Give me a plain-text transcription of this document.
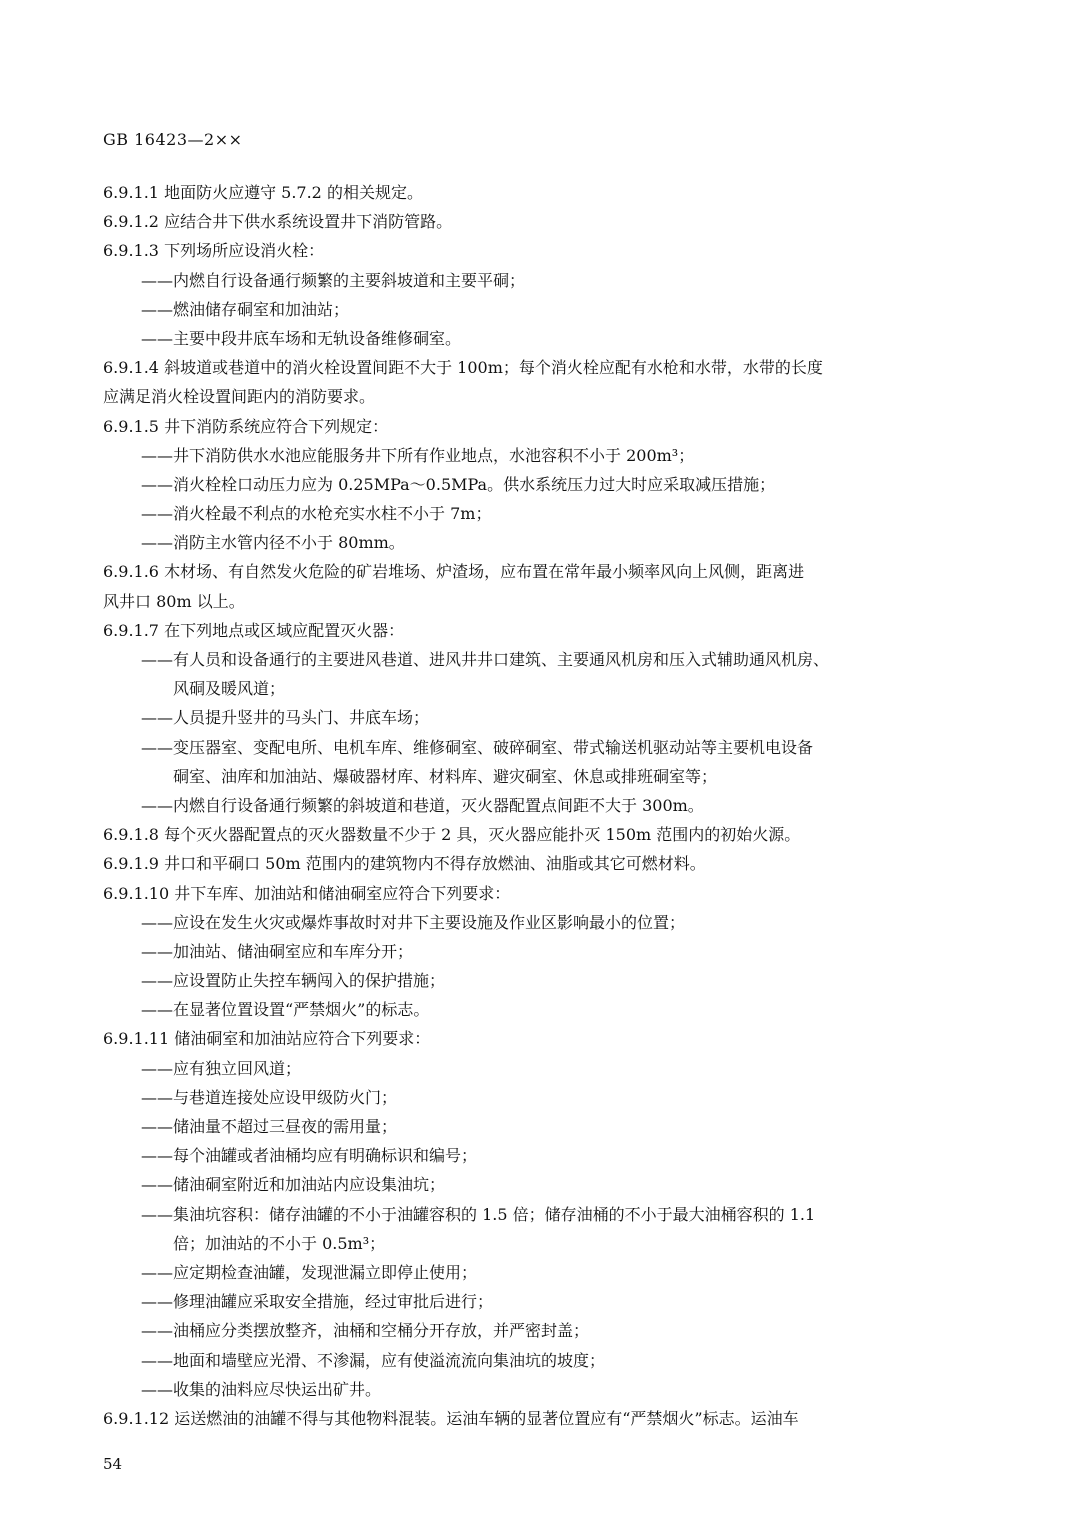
GB 16423—2××
6.9.1.1 地面防火应遵守 5.7.2 的相关规定。
6.9.1.2 应结合井下供水系统设置井下消防管路。
6.9.1.3 下列场所应设消火栓：
——内燃自行设备通行频繁的主要斜坡道和主要平硐；
——燃油储存硐室和加油站；
——主要中段井底车场和无轨设备维修硐室。
6.9.1.4 斜坡道或巷道中的消火栓设置间距不大于 100m；每个消火栓应配有水枪和水带，水带的长度
应满足消火栓设置间距内的消防要求。
6.9.1.5 井下消防系统应符合下列规定：
——井下消防供水水池应能服务井下所有作业地点，水池容积不小于 200m³；
——消火栓栓口动压力应为 0.25MPa～0.5MPa。供水系统压力过大时应采取减压措施；
——消火栓最不利点的水枪充实水柱不小于 7m；
——消防主水管内径不小于 80mm。
6.9.1.6 木材场、有自然发火危险的矿岩堆场、炉渣场，应布置在常年最小频率风向上风侧，距离进
风井口 80m 以上。
6.9.1.7 在下列地点或区域应配置灭火器：
——有人员和设备通行的主要进风巷道、进风井井口建筑、主要通风机房和压入式辅助通风机房、
风硐及暖风道；
——人员提升竖井的马头门、井底车场；
——变压器室、变配电所、电机车库、维修硐室、破碎硐室、带式输送机驱动站等主要机电设备
硐室、油库和加油站、爆破器材库、材料库、避灾硐室、休息或排班硐室等；
——内燃自行设备通行频繁的斜坡道和巷道，灭火器配置点间距不大于 300m。
6.9.1.8 每个灭火器配置点的灭火器数量不少于 2 具，灭火器应能扑灭 150m 范围内的初始火源。
6.9.1.9 井口和平硐口 50m 范围内的建筑物内不得存放燃油、油脂或其它可燃材料。
6.9.1.10 井下车库、加油站和储油硐室应符合下列要求：
——应设在发生火灾或爆炸事故时对井下主要设施及作业区影响最小的位置；
——加油站、储油硐室应和车库分开；
——应设置防止失控车辆闯入的保护措施；
——在显著位置设置“严禁烟火”的标志。
6.9.1.11 储油硐室和加油站应符合下列要求：
——应有独立回风道；
——与巷道连接处应设甲级防火门；
——储油量不超过三昼夜的需用量；
——每个油罐或者油桶均应有明确标识和编号；
——储油硐室附近和加油站内应设集油坑；
——集油坑容积：储存油罐的不小于油罐容积的 1.5 倍；储存油桶的不小于最大油桶容积的 1.1
倍；加油站的不小于 0.5m³；
——应定期检查油罐，发现泄漏立即停止使用；
——修理油罐应采取安全措施，经过审批后进行；
——油桶应分类摆放整齐，油桶和空桶分开存放，并严密封盖；
——地面和墙壁应光滑、不渗漏，应有使溢流流向集油坑的坡度；
——收集的油料应尽快运出矿井。
6.9.1.12 运送燃油的油罐不得与其他物料混装。运油车辆的显著位置应有“严禁烟火”标志。运油车
54
